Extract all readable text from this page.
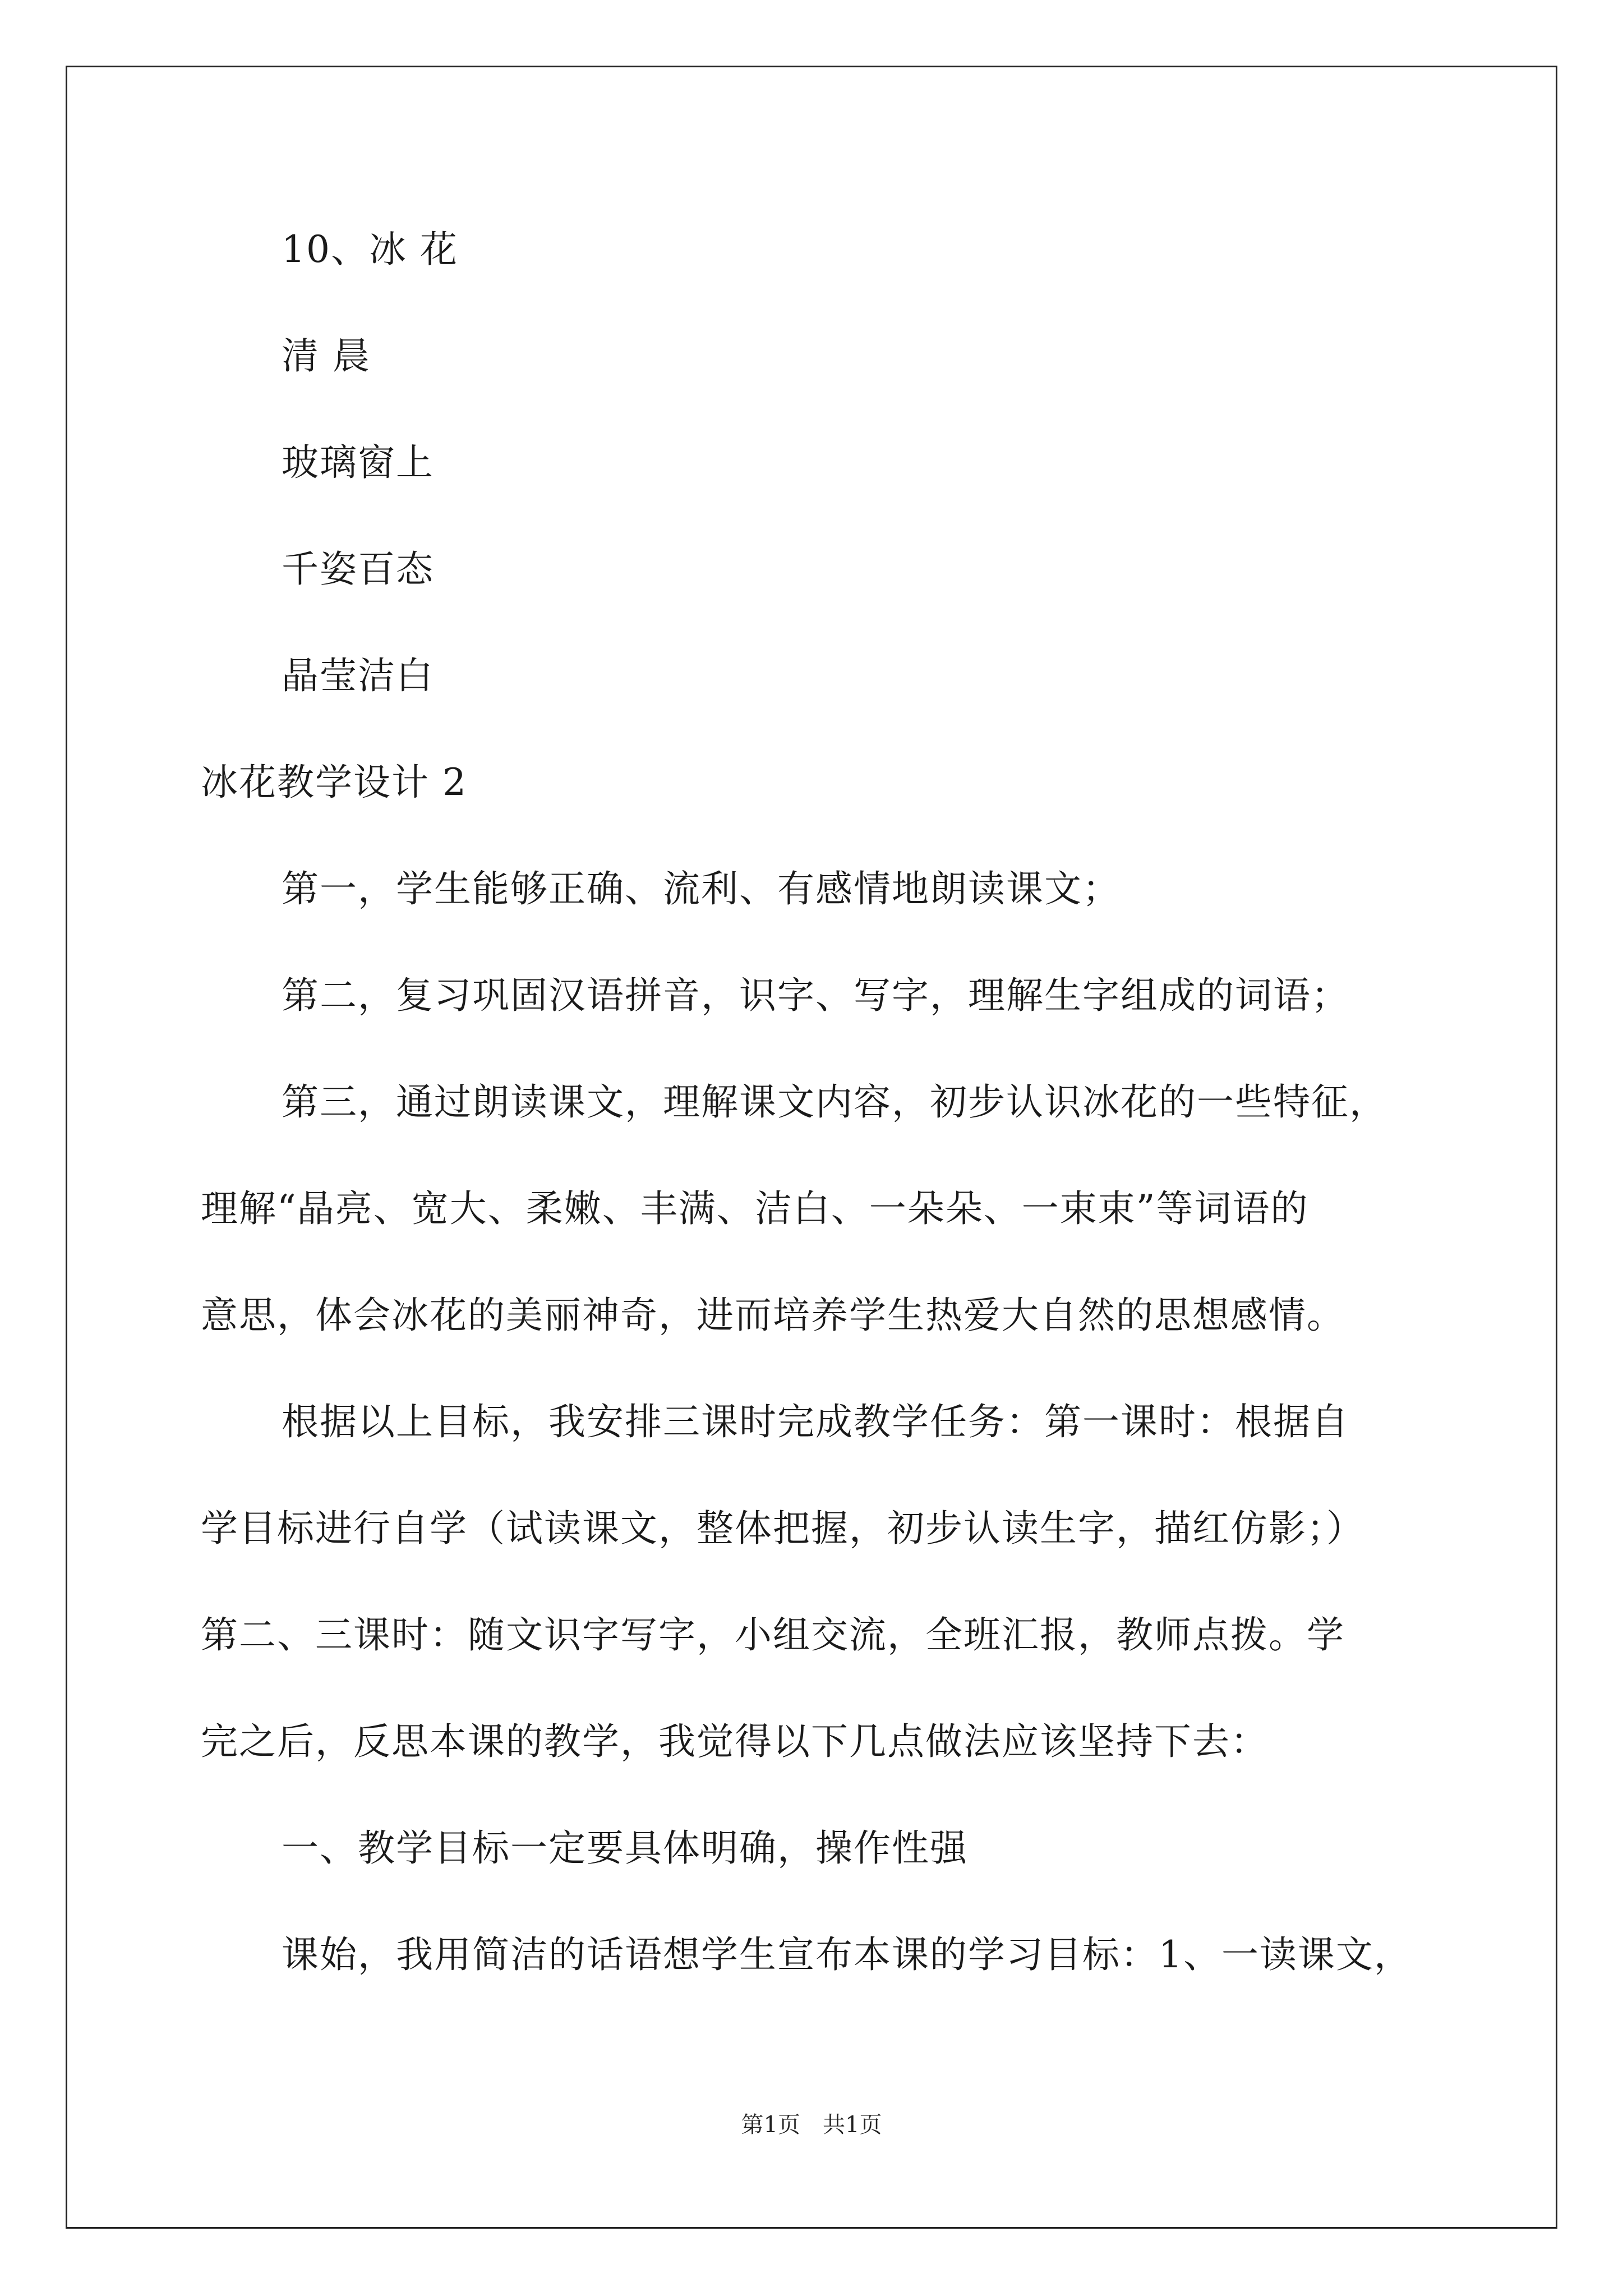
10、冰 花
清 晨
玻璃窗上
千姿百态
晶莹洁白
冰花教学设计 2
第一，学生能够正确、流利、有感情地朗读课文；
第二，复习巩固汉语拼音，识字、写字，理解生字组成的词语；
第三，通过朗读课文，理解课文内容，初步认识冰花的一些特征，
理解“晶亮、宽大、柔嫩、丰满、洁白、一朵朵、一束束”等词语的
意思，体会冰花的美丽神奇，进而培养学生热爱大自然的思想感情。
根据以上目标，我安排三课时完成教学任务：第一课时：根据自
学目标进行自学（试读课文，整体把握，初步认读生字，描红仿影；）
第二、三课时：随文识字写字，小组交流，全班汇报，教师点拨。学
完之后，反思本课的教学，我觉得以下几点做法应该坚持下去：
一、教学目标一定要具体明确，操作性强
课始，我用简洁的话语想学生宣布本课的学习目标：1、一读课文，
第1页　共1页
